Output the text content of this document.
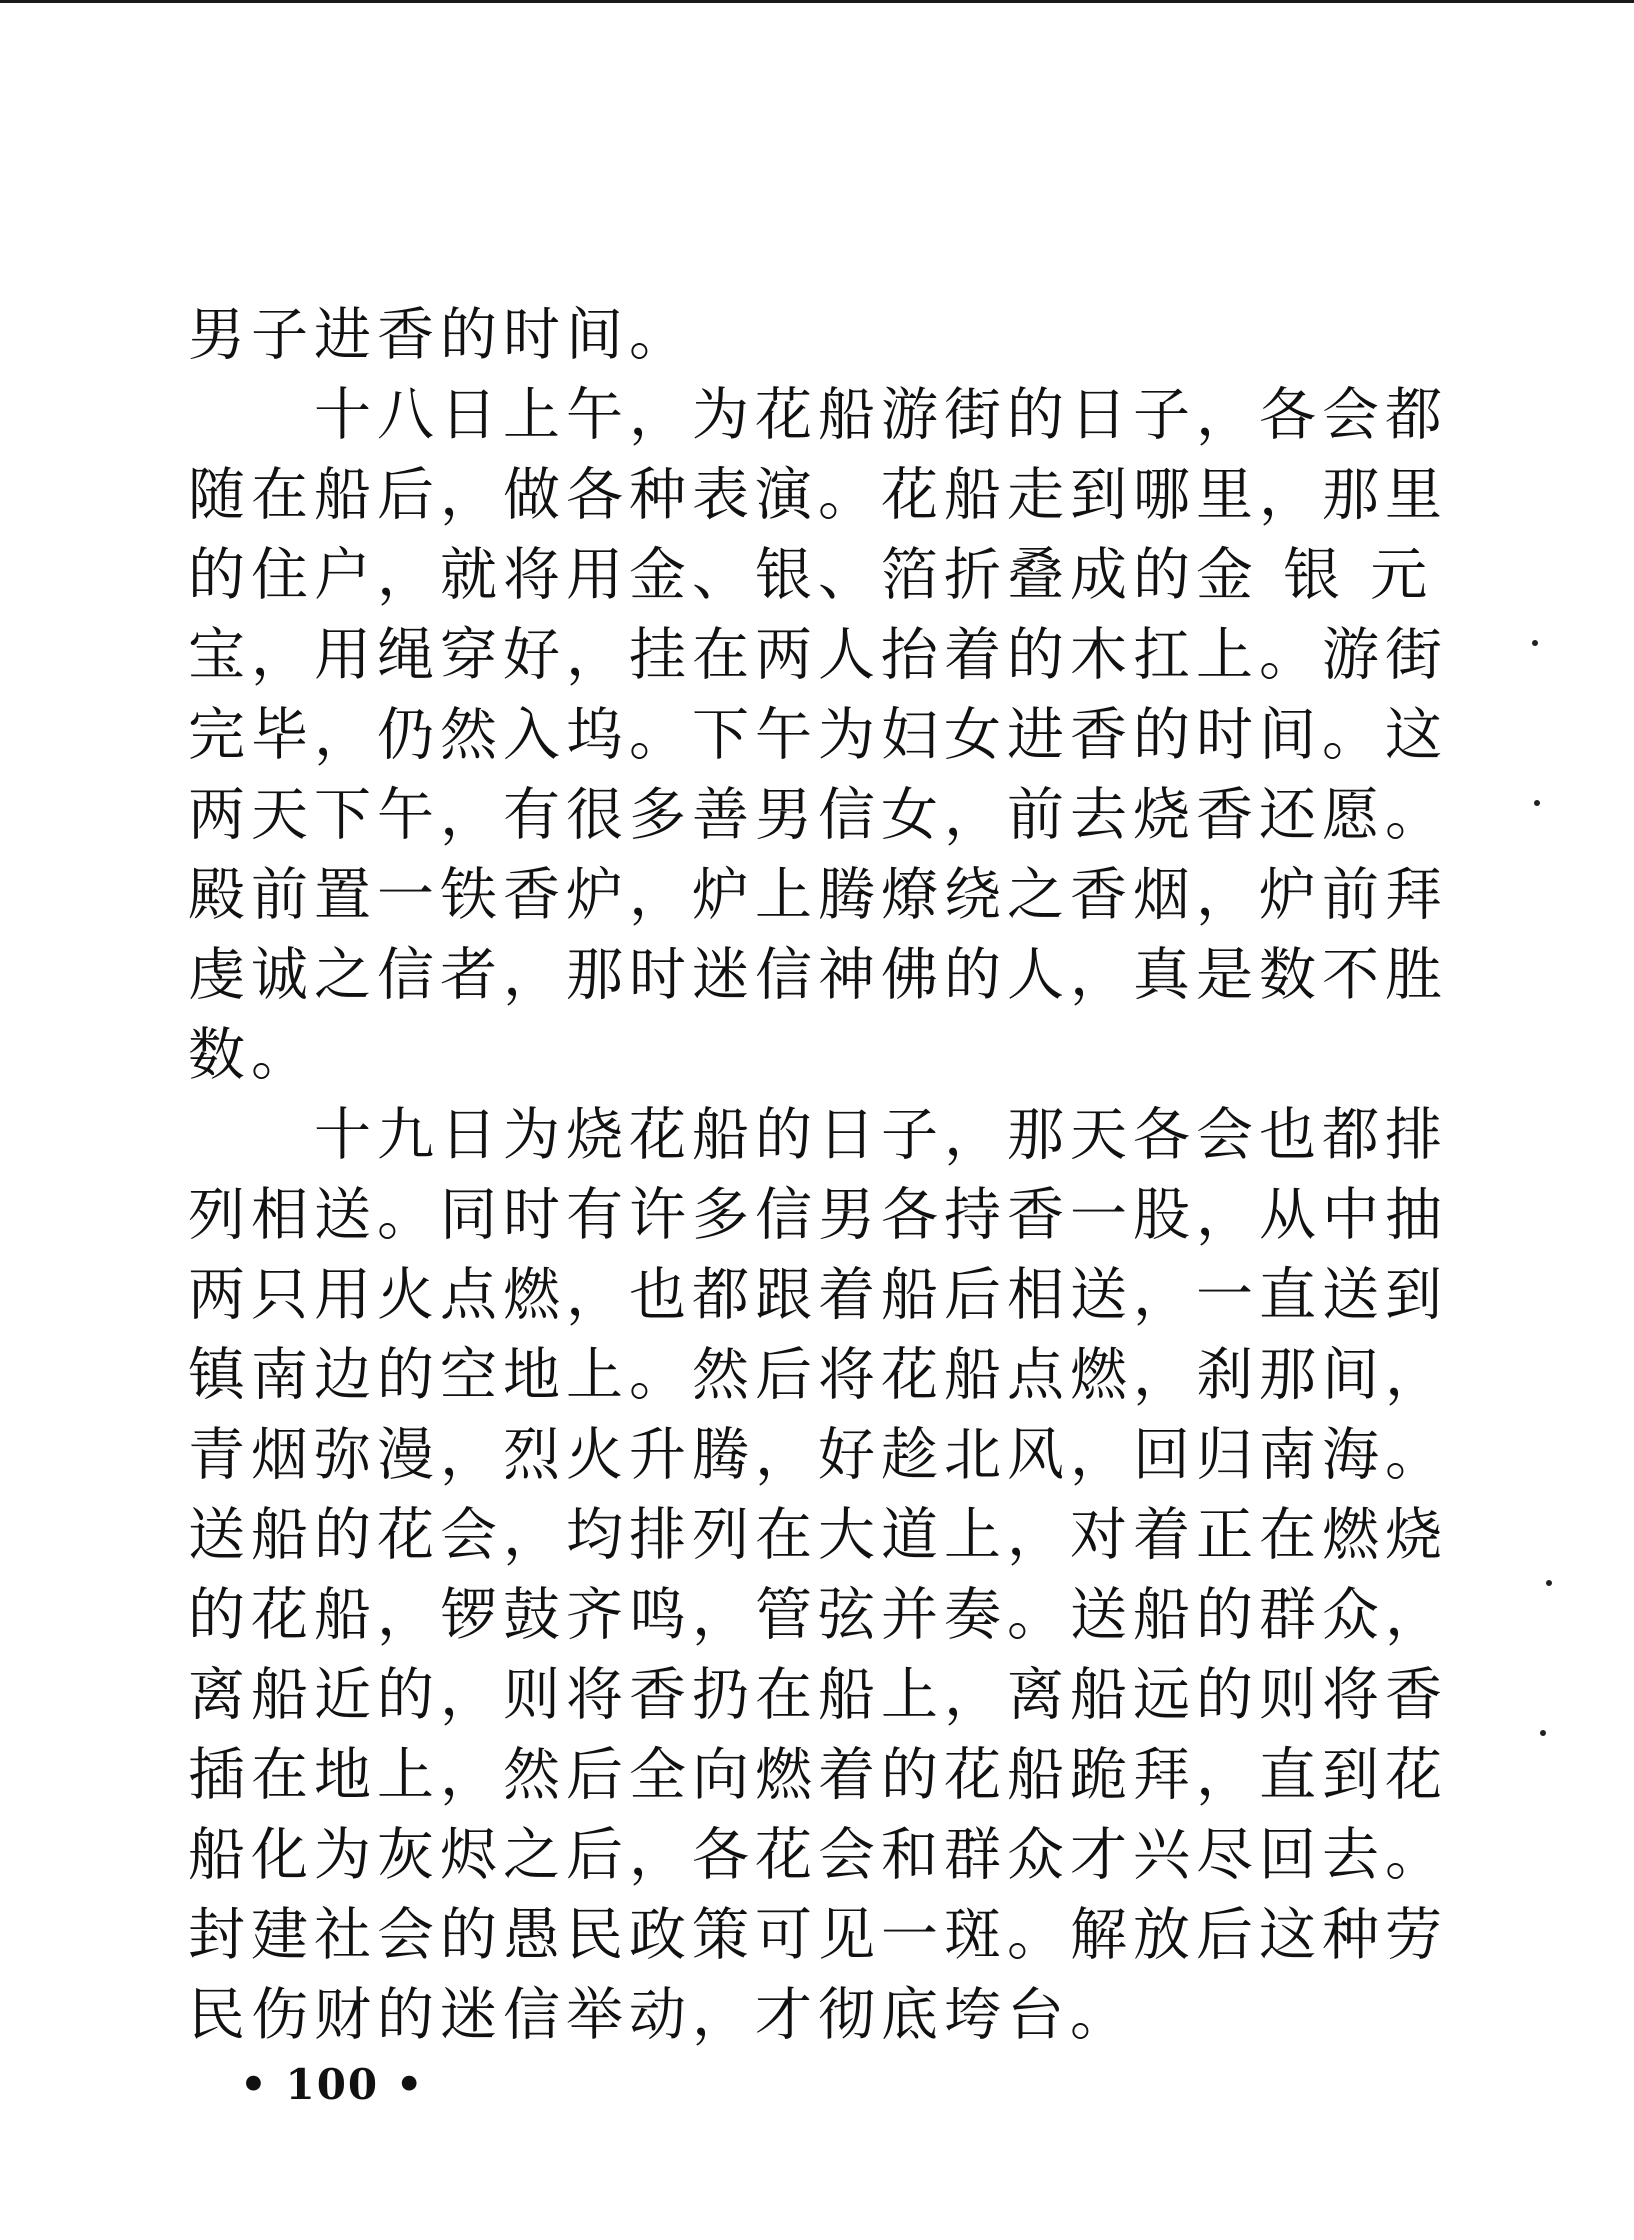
男子进香的时间。
　　十八日上午，为花船游街的日子，各会都
随在船后，做各种表演。花船走到哪里，那里
的住户，就将用金、银、箔折叠成的金 银 元
宝，用绳穿好，挂在两人抬着的木扛上。游街
完毕，仍然入坞。下午为妇女进香的时间。这
两天下午，有很多善男信女，前去烧香还愿。
殿前置一铁香炉，炉上腾燎绕之香烟，炉前拜
虔诚之信者，那时迷信神佛的人，真是数不胜
数。
　　十九日为烧花船的日子，那天各会也都排
列相送。同时有许多信男各持香一股，从中抽
两只用火点燃，也都跟着船后相送，一直送到
镇南边的空地上。然后将花船点燃，刹那间，
青烟弥漫，烈火升腾，好趁北风，回归南海。
送船的花会，均排列在大道上，对着正在燃烧
的花船，锣鼓齐鸣，管弦并奏。送船的群众，
离船近的，则将香扔在船上，离船远的则将香
插在地上，然后全向燃着的花船跪拜，直到花
船化为灰烬之后，各花会和群众才兴尽回去。
封建社会的愚民政策可见一斑。解放后这种劳
民伤财的迷信举动，才彻底垮台。
• 100 •
